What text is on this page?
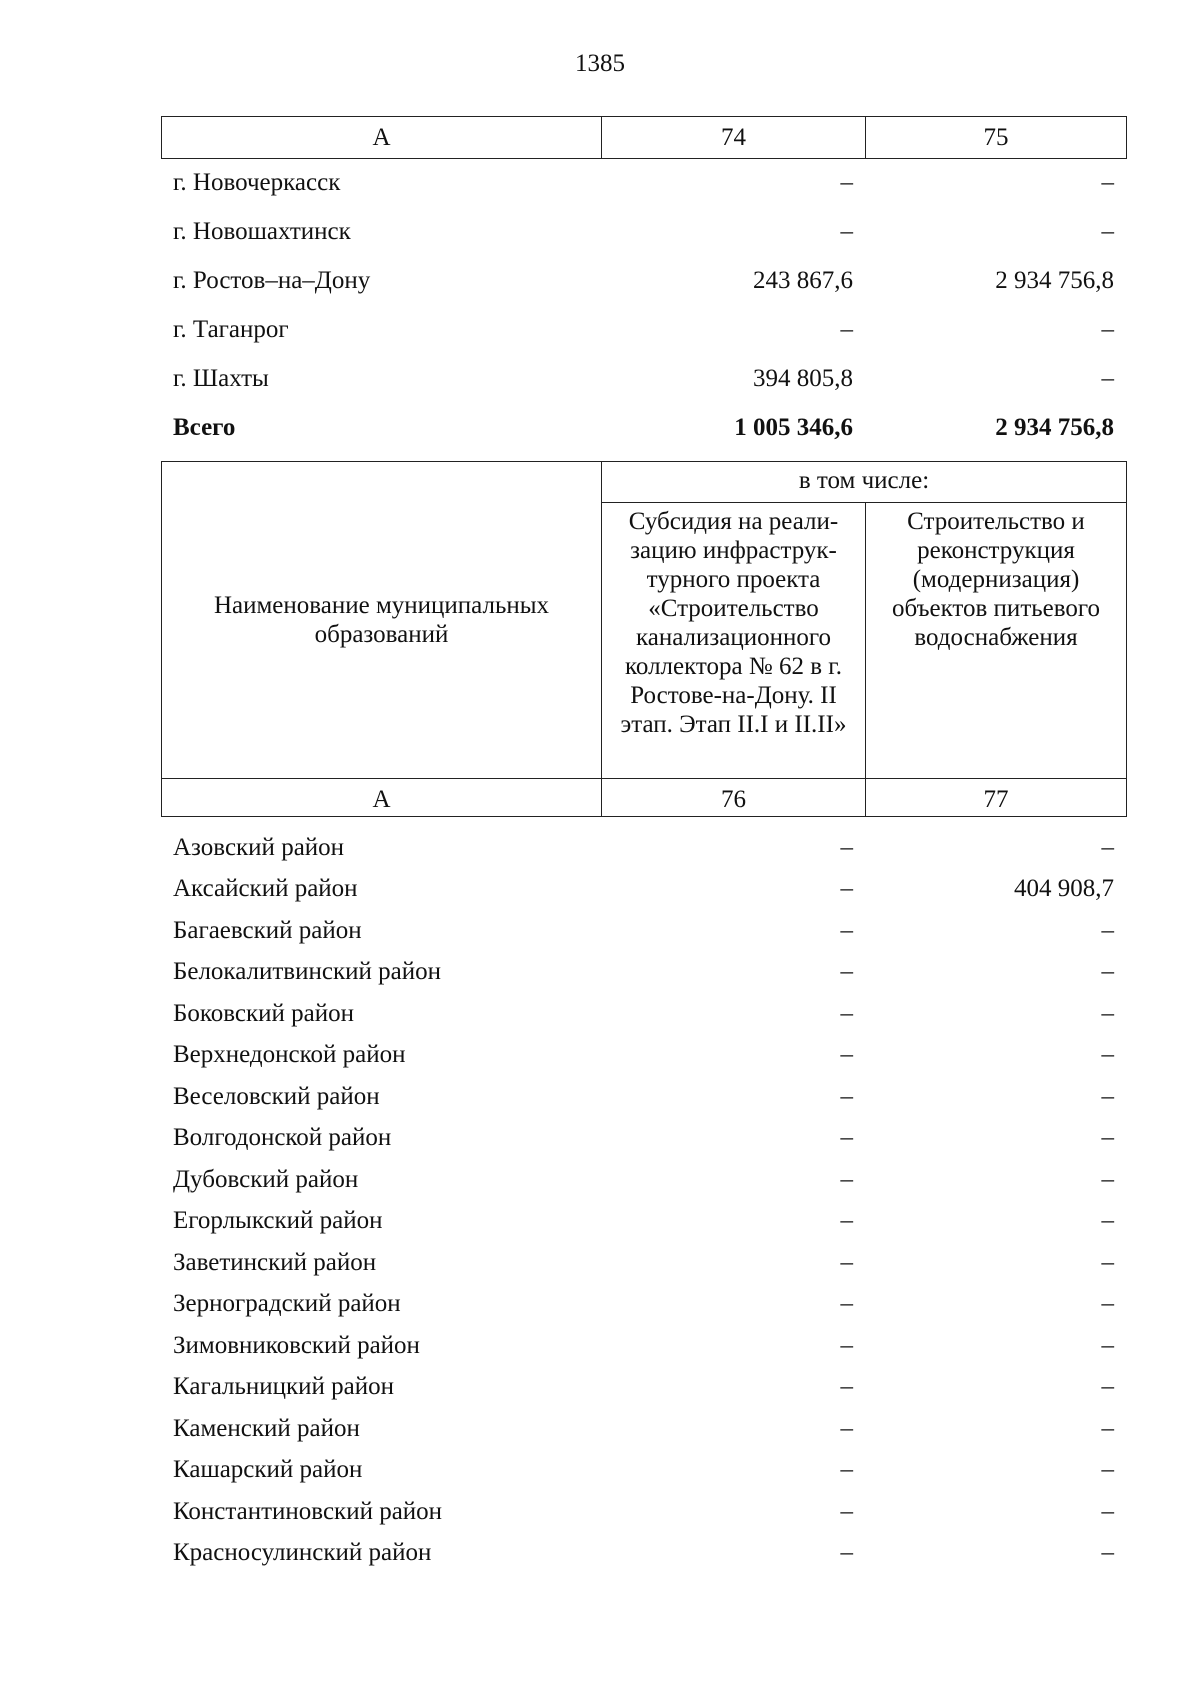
1385
А	74	75
г. Новочеркасск	–	–
г. Новошахтинск	–	–
г. Ростов–на–Дону	243 867,6	2 934 756,8
г. Таганрог	–	–
г. Шахты	394 805,8	–
Всего	1 005 346,6	2 934 756,8
Наименование муниципальных образований	в том числе:	
	Субсидия на реали-зацию инфраструк-турного проекта «Строительство канализационного коллектора № 62 в г. Ростове-на-Дону. II этап. Этап II.I и II.II»	Строительство и реконструкция (модернизация) объектов питьевого водоснабжения
А	76	77
Азовский район	–	–
Аксайский район	–	404 908,7
Багаевский район	–	–
Белокалитвинский район	–	–
Боковский район	–	–
Верхнедонской район	–	–
Веселовский район	–	–
Волгодонской район	–	–
Дубовский район	–	–
Егорлыкский район	–	–
Заветинский район	–	–
Зерноградский район	–	–
Зимовниковский район	–	–
Кагальницкий район	–	–
Каменский район	–	–
Кашарский район	–	–
Константиновский район	–	–
Красносулинский район	–	–
